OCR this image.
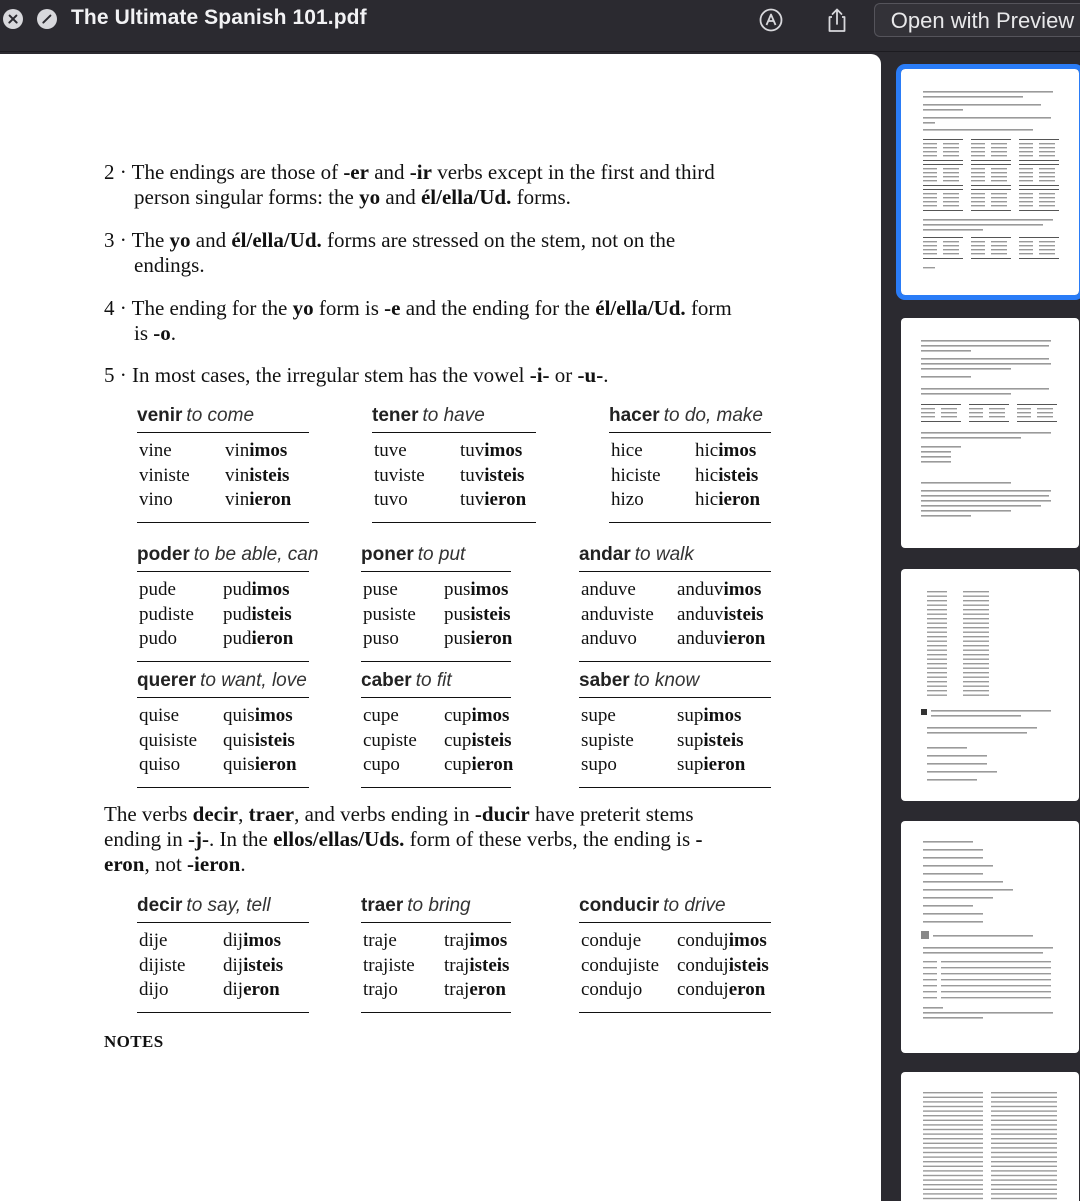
The Ultimate Spanish 101.pdf	Open with Preview
2 · The endings are those of -er and -ir verbs except in the first and third
person singular forms: the yo and él/ella/Ud. forms.
3 · The yo and él/ella/Ud. forms are stressed on the stem, not on the
endings.
4 · The ending for the yo form is -e and the ending for the él/ella/Ud. form
is -o.
5 · In most cases, the irregular stem has the vowel -i- or -u-.
venir to come
vine
viniste
vino
vinimos
vinisteis
vinieron
tener to have
tuve
tuviste
tuvo
tuvimos
tuvisteis
tuvieron
hacer to do, make
hice
hiciste
hizo
hicimos
hicisteis
hicieron
poder to be able, can
pude
pudiste
pudo
pudimos
pudisteis
pudieron
poner to put
puse
pusiste
puso
pusimos
pusisteis
pusieron
andar to walk
anduve
anduviste
anduvo
anduvimos
anduvisteis
anduvieron
querer to want, love
quise
quisiste
quiso
quisimos
quisisteis
quisieron
caber to fit
cupe
cupiste
cupo
cupimos
cupisteis
cupieron
saber to know
supe
supiste
supo
supimos
supisteis
supieron
The verbs decir, traer, and verbs ending in -ducir have preterit stems
ending in -j-. In the ellos/ellas/Uds. form of these verbs, the ending is -
eron, not -ieron.
decir to say, tell
dije
dijiste
dijo
dijimos
dijisteis
dijeron
traer to bring
traje
trajiste
trajo
trajimos
trajisteis
trajeron
conducir to drive
conduje
condujiste
condujo
condujimos
condujisteis
condujeron
NOTES
